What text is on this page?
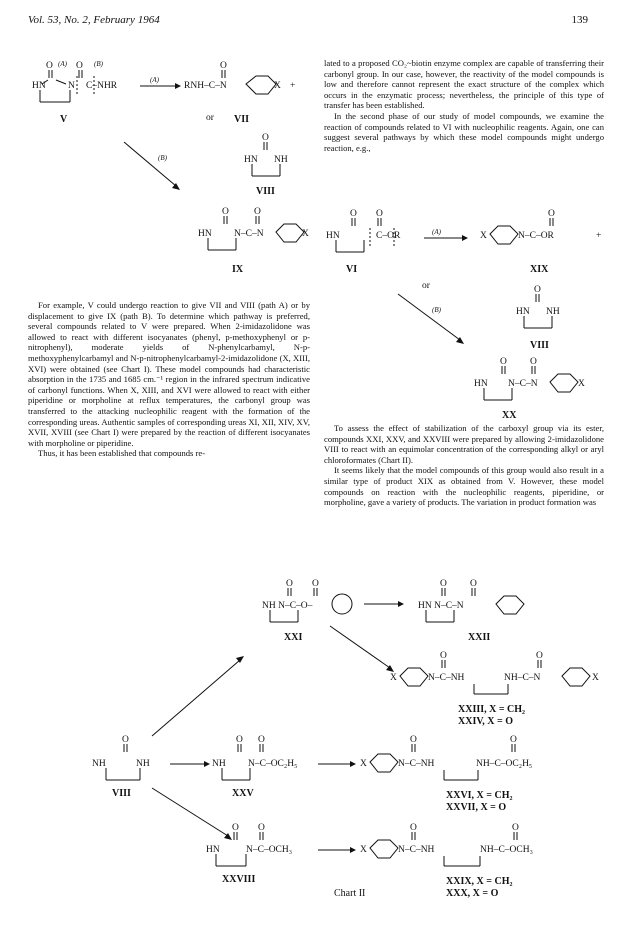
Vol. 53, No. 2, February 1964	139
O (A) O (B)
HN N C–NHR
V
(A)
O
RNH–C–N	X +
or VII
O
HN NH
VIII
(B)
O	O
HN N–C–N	X
IX
O O
HN	C–OR
VI
(A)
O
X	N–C–OR	+
XIX
or
(B)
O
HN NH
VIII
O O
HN N–C–N	X
XX
O O
NH N–C–O–
XXI
O O
HN N–C–N
XXII
O	O
X	N–C–NH	NH–C–N	X
XXIII, X = CH₂
XXIV, X = O
O
NH	NH
VIII
O O
NH N–C–OC₂H₅
XXV
O	O
X	N–C–NH	NH–C–OC₂H₅
XXVI, X = CH₂
XXVII, X = O
O O
HN	N–C–OCH₃
XXVIII
O	O
X	N–C–NH	NH–C–OCH₃
XXIX, X = CH₂
XXX, X = O
Chart II

For example, V could undergo reaction to give VII and VIII (path A) or by displacement to give IX (path B). To determine which pathway is preferred, several compounds related to V were prepared. When 2-imidazolidone was allowed to react with different isocyanates (phenyl, p-methoxyphenyl or p-nitrophenyl), moderate yields of N-phenylcarbamyl, N-p-methoxyphenylcarbamyl and N-p-nitrophenylcarbamyl-2-imidazolidone (X, XIII, XVI) were obtained (see Chart I). These model compounds had characteristic absorption in the 1735 and 1685 cm.⁻¹ region in the infrared spectrum indicative of carbonyl functions. When X, XIII, and XVI were allowed to react with either piperidine or morpholine at reflux temperatures, the carbonyl group was transferred to the attacking nucleophilic reagent with the formation of the corresponding ureas. Authentic samples of corresponding ureas XI, XII, XIV, XV, XVII, XVIII (see Chart I) were prepared by the reaction of different isocyanates with morpholine or piperidine.

Thus, it has been established that compounds re-

lated to a proposed CO₂~biotin enzyme complex are capable of transferring their carbonyl group. In our case, however, the reactivity of the model compounds is low and therefore cannot represent the exact structure of the complex which occurs in the enzymatic process; nevertheless, the principle of this type of transfer has been established.

In the second phase of our study of model compounds, we examine the reaction of compounds related to VI with nucleophilic reagents. Again, one can suggest several pathways by which these model compounds might undergo reaction, e.g.,

To assess the effect of stabilization of the carboxyl group via its ester, compounds XXI, XXV, and XXVIII were prepared by allowing 2-imidazolidone VIII to react with an equimolar concentration of the corresponding alkyl or aryl chloroformates (Chart II).

It seems likely that the model compounds of this group would also result in a similar type of product XIX as obtained from V. However, these model compounds on reaction with the nucleophilic reagents, piperidine, or morpholine, gave a variety of products. The variation in product formation was
